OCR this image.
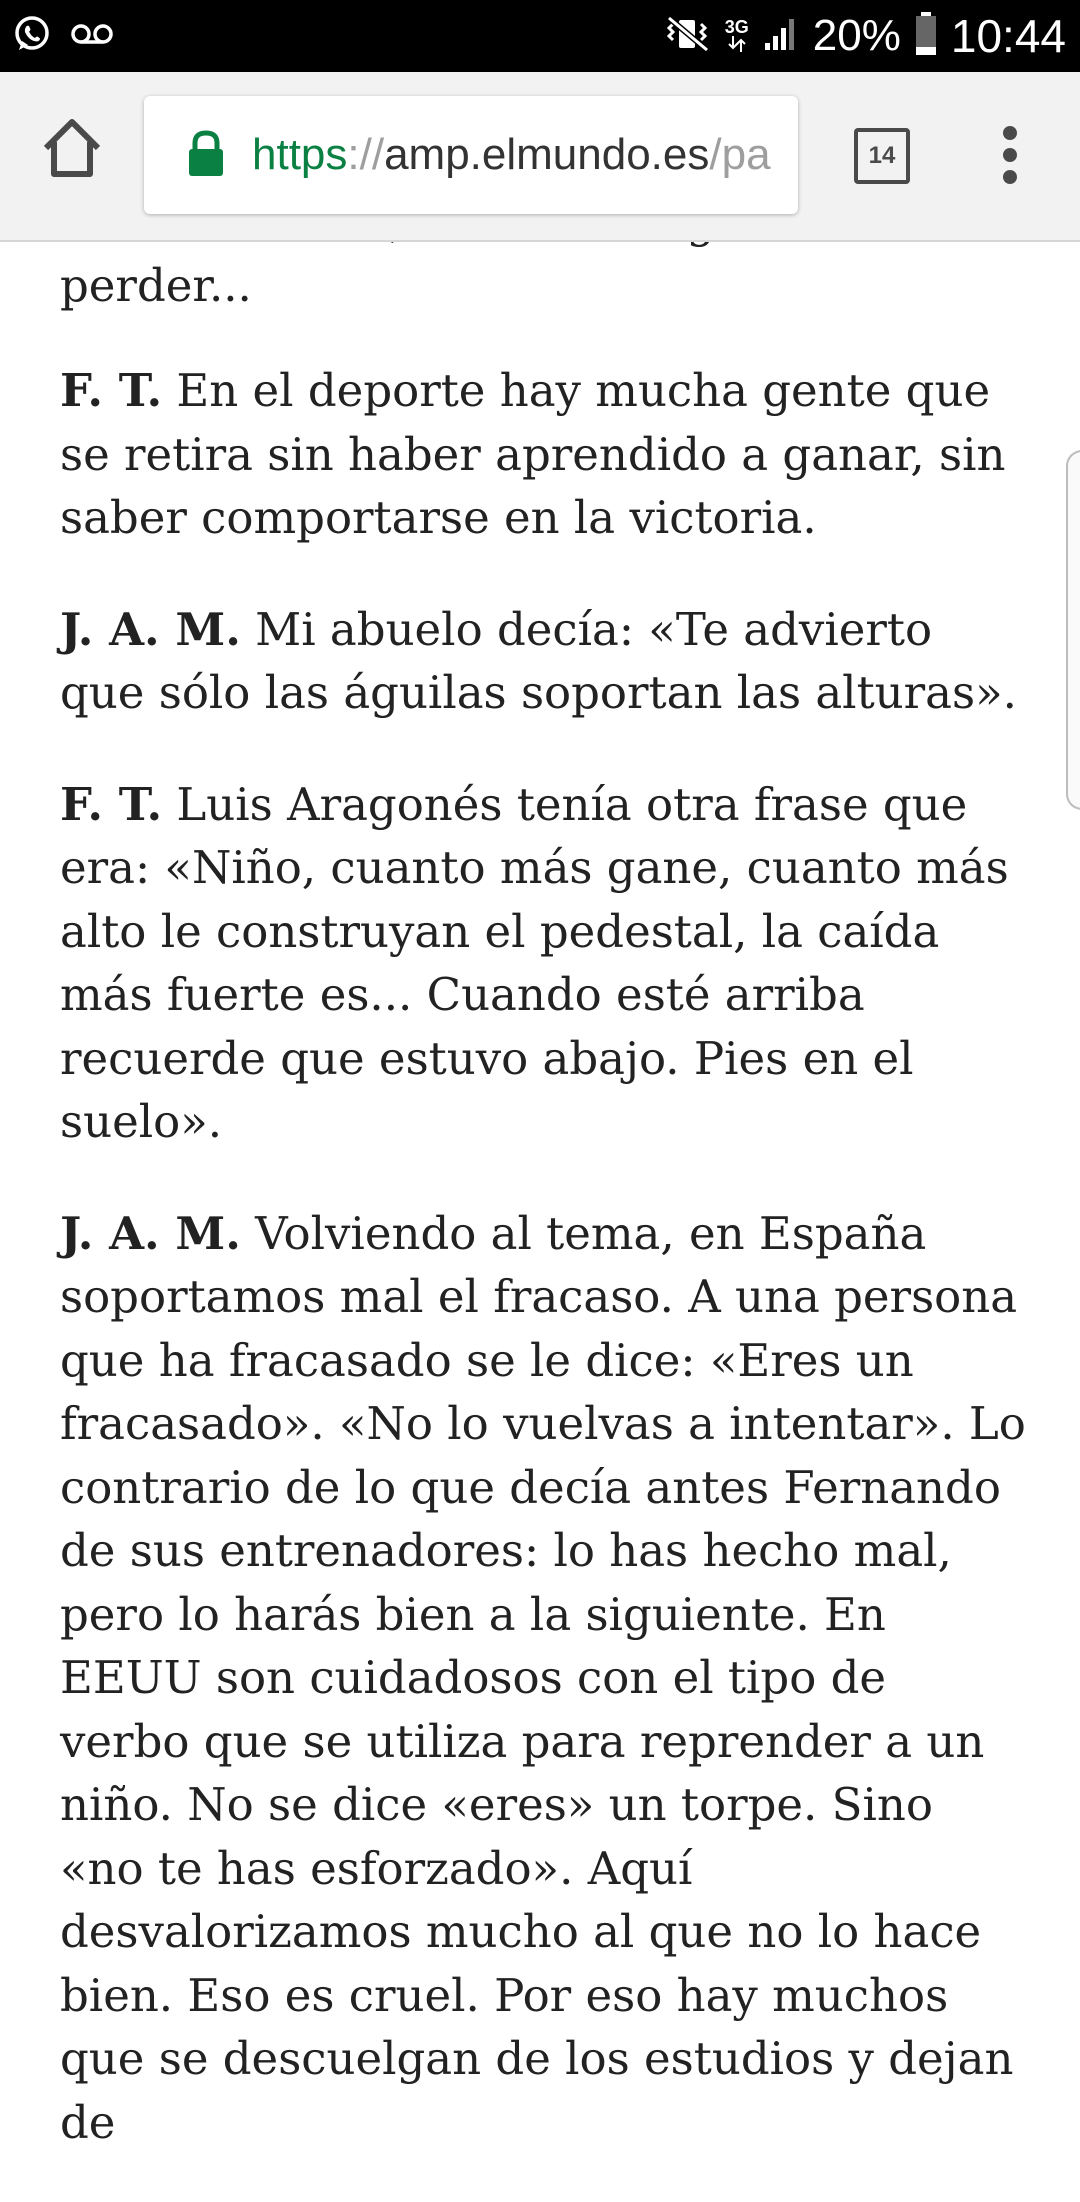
3G 20% 10:44

perder...

F. T. En el deporte hay mucha gente que se retira sin haber aprendido a ganar, sin saber comportarse en la victoria.

J. A. M. Mi abuelo decía: «Te advierto que sólo las águilas soportan las alturas».

F. T. Luis Aragonés tenía otra frase que era: «Niño, cuanto más gane, cuanto más alto le construyan el pedestal, la caída más fuerte es... Cuando esté arriba recuerde que estuvo abajo. Pies en el suelo».

J. A. M. Volviendo al tema, en España soportamos mal el fracaso. A una persona que ha fracasado se le dice: «Eres un fracasado». «No lo vuelvas a intentar». Lo contrario de lo que decía antes Fernando de sus entrenadores: lo has hecho mal, pero lo harás bien a la siguiente. En EEUU son cuidadosos con el tipo de verbo que se utiliza para reprender a un niño. No se dice «eres» un torpe. Sino «no te has esforzado». Aquí desvalorizamos mucho al que no lo hace bien. Eso es cruel. Por eso hay muchos que se descuelgan de los estudios y dejan de

https://amp.elmundo.es/pa	14
